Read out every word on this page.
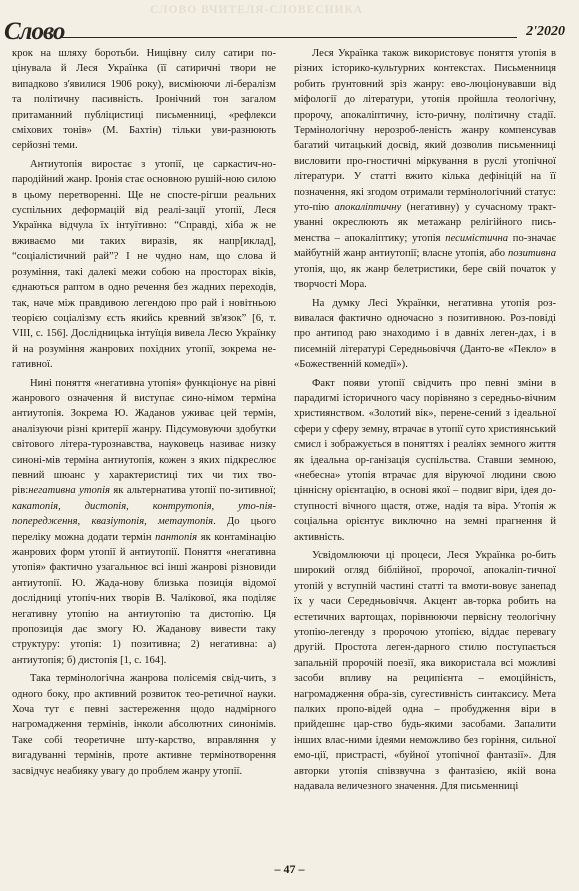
СЛОВО ВЧИТЕЛЯ-СЛОВЕСНИКА
Слово	2'2020

крок на шляху боротьби. Нищівну силу сатири по-цінувала й Леся Українка (її сатиричні твори не випадково з'явилися 1906 року), висміюючи лі-бералізм та політичну пасивність. Іронічний тон загалом притаманний публіцистиці письменниці, «рефлекси сміхових тонів» (М. Бахтін) тільки уви-разнюють серйозні теми.

Антиутопія виростає з утопії, це саркастич-но-пародійний жанр. Іронія стає основною рушій-ною силою в цьому перетворенні. Ще не спосте-рігши реальних суспільних деформацій від реалі-зації утопії, Леся Українка відчула їх інтуїтивно: “Справді, хіба ж не вживаємо ми таких виразів, як напр[иклад], “соціалістичний рай”? І не чудно нам, що слова й розуміння, такі далекі межи собою на просторах віків, єднаються раптом в одно речення без жадних переходів, так, наче між правдивою легендою про рай і новітньою теорією соціалізму єсть якийсь кревний зв'язок” [6, т. VIII, с. 156]. Дослідницька інтуїція вивела Лесю Українку й на розуміння жанрових похідних утопії, зокрема не-гативної.

Нині поняття «негативна утопія» функціонує на рівні жанрового означення й виступає сино-німом терміна антиутопія. Зокрема Ю. Жаданов уживає цей термін, аналізуючи різні критерії жанру. Підсумовуючи здобутки світового літера-турознавства, науковець називає низку синоні-мів терміна антиутопія, кожен з яких підкреслює певний шюанс у характеристиці тих чи тих тво-рів:негативна утопія як альтернатива утопії по-зитивної; какатопія, дистопія, контрутопія, уто-пія-попередження, квазіутопія, метаутопія. До цього переліку можна додати термін пантопія як контамінацію жанрових форм утопії й антиутопії. Поняття «негативна утопія» фактично узагальнює всі інші жанрові різновиди антиутопії. Ю. Жада-нову близька позиція відомої дослідниці утопіч-них творів В. Чалікової, яка поділяє негативну утопію на антиутопію та дистопію. Ця пропозиція дає змогу Ю. Жаданову вивести таку структуру: утопія: 1) позитивна; 2) негативна: а) антиутопія; б) дистопія [1, с. 164].

Така термінологічна жанрова полісемія свід-чить, з одного боку, про активний розвиток тео-ретичної науки. Хоча тут є певні застереження щодо надмірного нагромадження термінів, інколи абсолютних синонімів. Таке собі теоретичне шту-карство, вправляння у вигадуванні термінів, проте активне термінотворення засвідчує неабияку увагу до проблем жанру утопії.

Леся Українка також використовує поняття утопія в різних історико-культурних контекстах. Письменниця робить ґрунтовний зріз жанру: ево-люціонувавши від міфології до літератури, утопія пройшла теологічну, пророчу, апокаліптичну, істо-ричну, політичну стадії. Термінологічну нерозроб-леність жанру компенсував багатий читацький досвід, який дозволив письменниці висловити про-гностичні міркування в руслі утопічної літератури. У статті вжито кілька дефініцій на її позначення, які згодом отримали термінологічний статус: уто-пію апокаліптичну (негативну) у сучасному тракт-уванні окреслюють як метажанр релігійного пись-менства – апокаліптику; утопія песимістична по-значає майбутній жанр антиутопії; власне утопія, або позитивна утопія, що, як жанр белетристики, бере свій початок у творчості Мора.

На думку Лесі Українки, негативна утопія роз-вивалася фактично одночасно з позитивною. Роз-повіді про антипод раю знаходимо і в давніх леген-дах, і в писемній літературі Середньовіччя (Данто-ве «Пекло» в «Божественній комедії»).

Факт появи утопії свідчить про певні зміни в парадигмі історичного часу порівняно з середньо-вічним християнством. «Золотий вік», перене-сений з ідеальної сфери у сферу земну, втрачає в утопії суто християнський смисл і зображується в поняттях і реаліях земного життя як ідеальна ор-ганізація суспільства. Ставши земною, «небесна» утопія втрачає для віруючої людини свою ціннісну орієнтацію, в основі якої – подвиг віри, ідея до-ступності вічного щастя, отже, надія та віра. Утопія ж соціальна орієнтує виключно на земні прагнення й активність.

Усвідомлюючи ці процеси, Леся Українка ро-бить широкий огляд біблійної, пророчої, апокаліп-тичної утопій у вступній частині статті та вмоти-вовує занепад їх у часи Середньовіччя. Акцент ав-торка робить на естетичних вартощах, порівнюючи первісну теологічну утопію-легенду з пророчою утопією, віддає перевагу другій. Простота леген-дарного стилю поступається запальній пророчій поезії, яка використала всі можливі засоби впливу на реципієнта – емоційність, нагромадження обра-зів, сугестивність синтаксису. Мета палких пропо-відей одна – пробудження віри в прийдешнє цар-ство будь-якими засобами. Запалити інших влас-ними ідеями неможливо без горіння, сильної емо-ції, пристрасті, «буйної утопічної фантазії». Для авторки утопія співзвучна з фантазією, якій вона надавала величезного значення. Для письменниці

– 47 –
